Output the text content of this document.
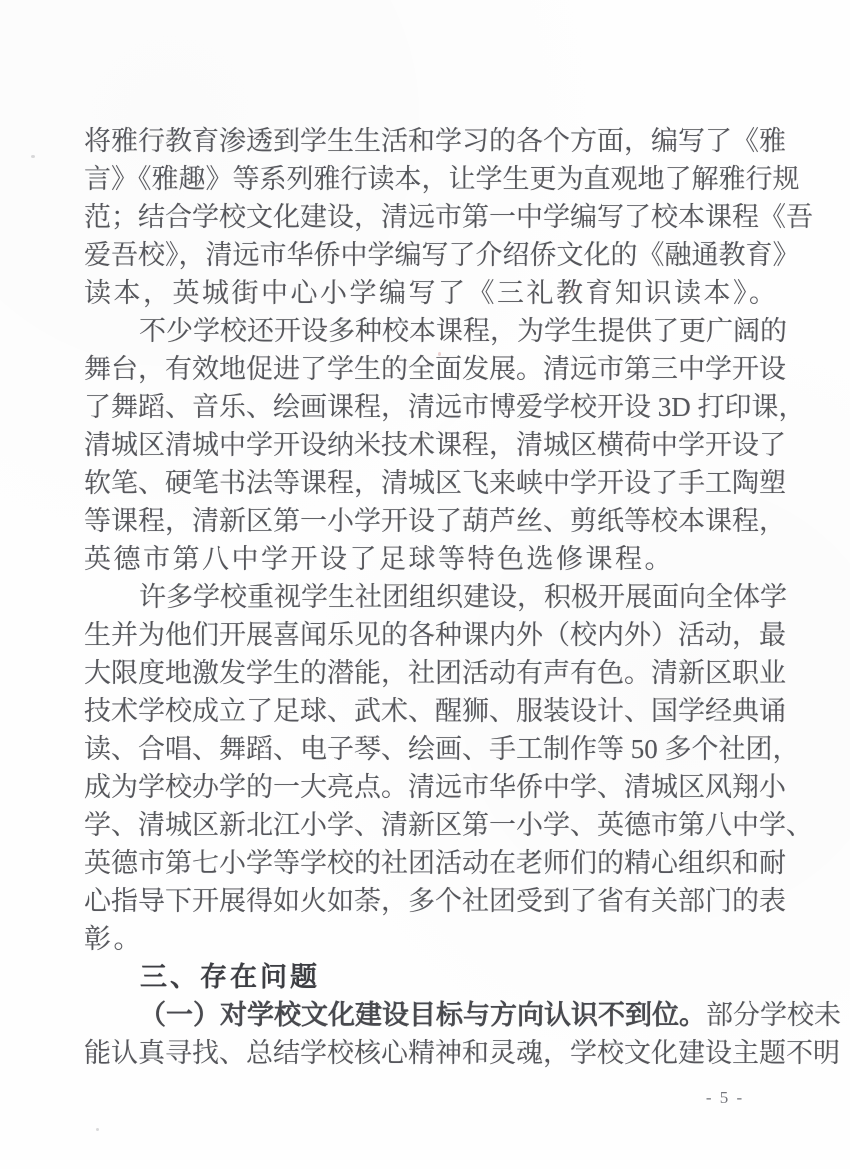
将雅行教育渗透到学生生活和学习的各个方面，编写了《雅
言》《雅趣》等系列雅行读本，让学生更为直观地了解雅行规
范；结合学校文化建设，清远市第一中学编写了校本课程《吾
爱吾校》，清远市华侨中学编写了介绍侨文化的《融通教育》
读本，英城街中心小学编写了《三礼教育知识读本》。
不少学校还开设多种校本课程，为学生提供了更广阔的
舞台，有效地促进了学生的全面发展。清远市第三中学开设
了舞蹈、音乐、绘画课程，清远市博爱学校开设 3D 打印课，
清城区清城中学开设纳米技术课程，清城区横荷中学开设了
软笔、硬笔书法等课程，清城区飞来峡中学开设了手工陶塑
等课程，清新区第一小学开设了葫芦丝、剪纸等校本课程，
英德市第八中学开设了足球等特色选修课程。
许多学校重视学生社团组织建设，积极开展面向全体学
生并为他们开展喜闻乐见的各种课内外（校内外）活动，最
大限度地激发学生的潜能，社团活动有声有色。清新区职业
技术学校成立了足球、武术、醒狮、服装设计、国学经典诵
读、合唱、舞蹈、电子琴、绘画、手工制作等 50 多个社团，
成为学校办学的一大亮点。清远市华侨中学、清城区风翔小
学、清城区新北江小学、清新区第一小学、英德市第八中学、
英德市第七小学等学校的社团活动在老师们的精心组织和耐
心指导下开展得如火如荼，多个社团受到了省有关部门的表
彰。
三、存在问题
（一）对学校文化建设目标与方向认识不到位。部分学校未
能认真寻找、总结学校核心精神和灵魂，学校文化建设主题不明
- 5 -
